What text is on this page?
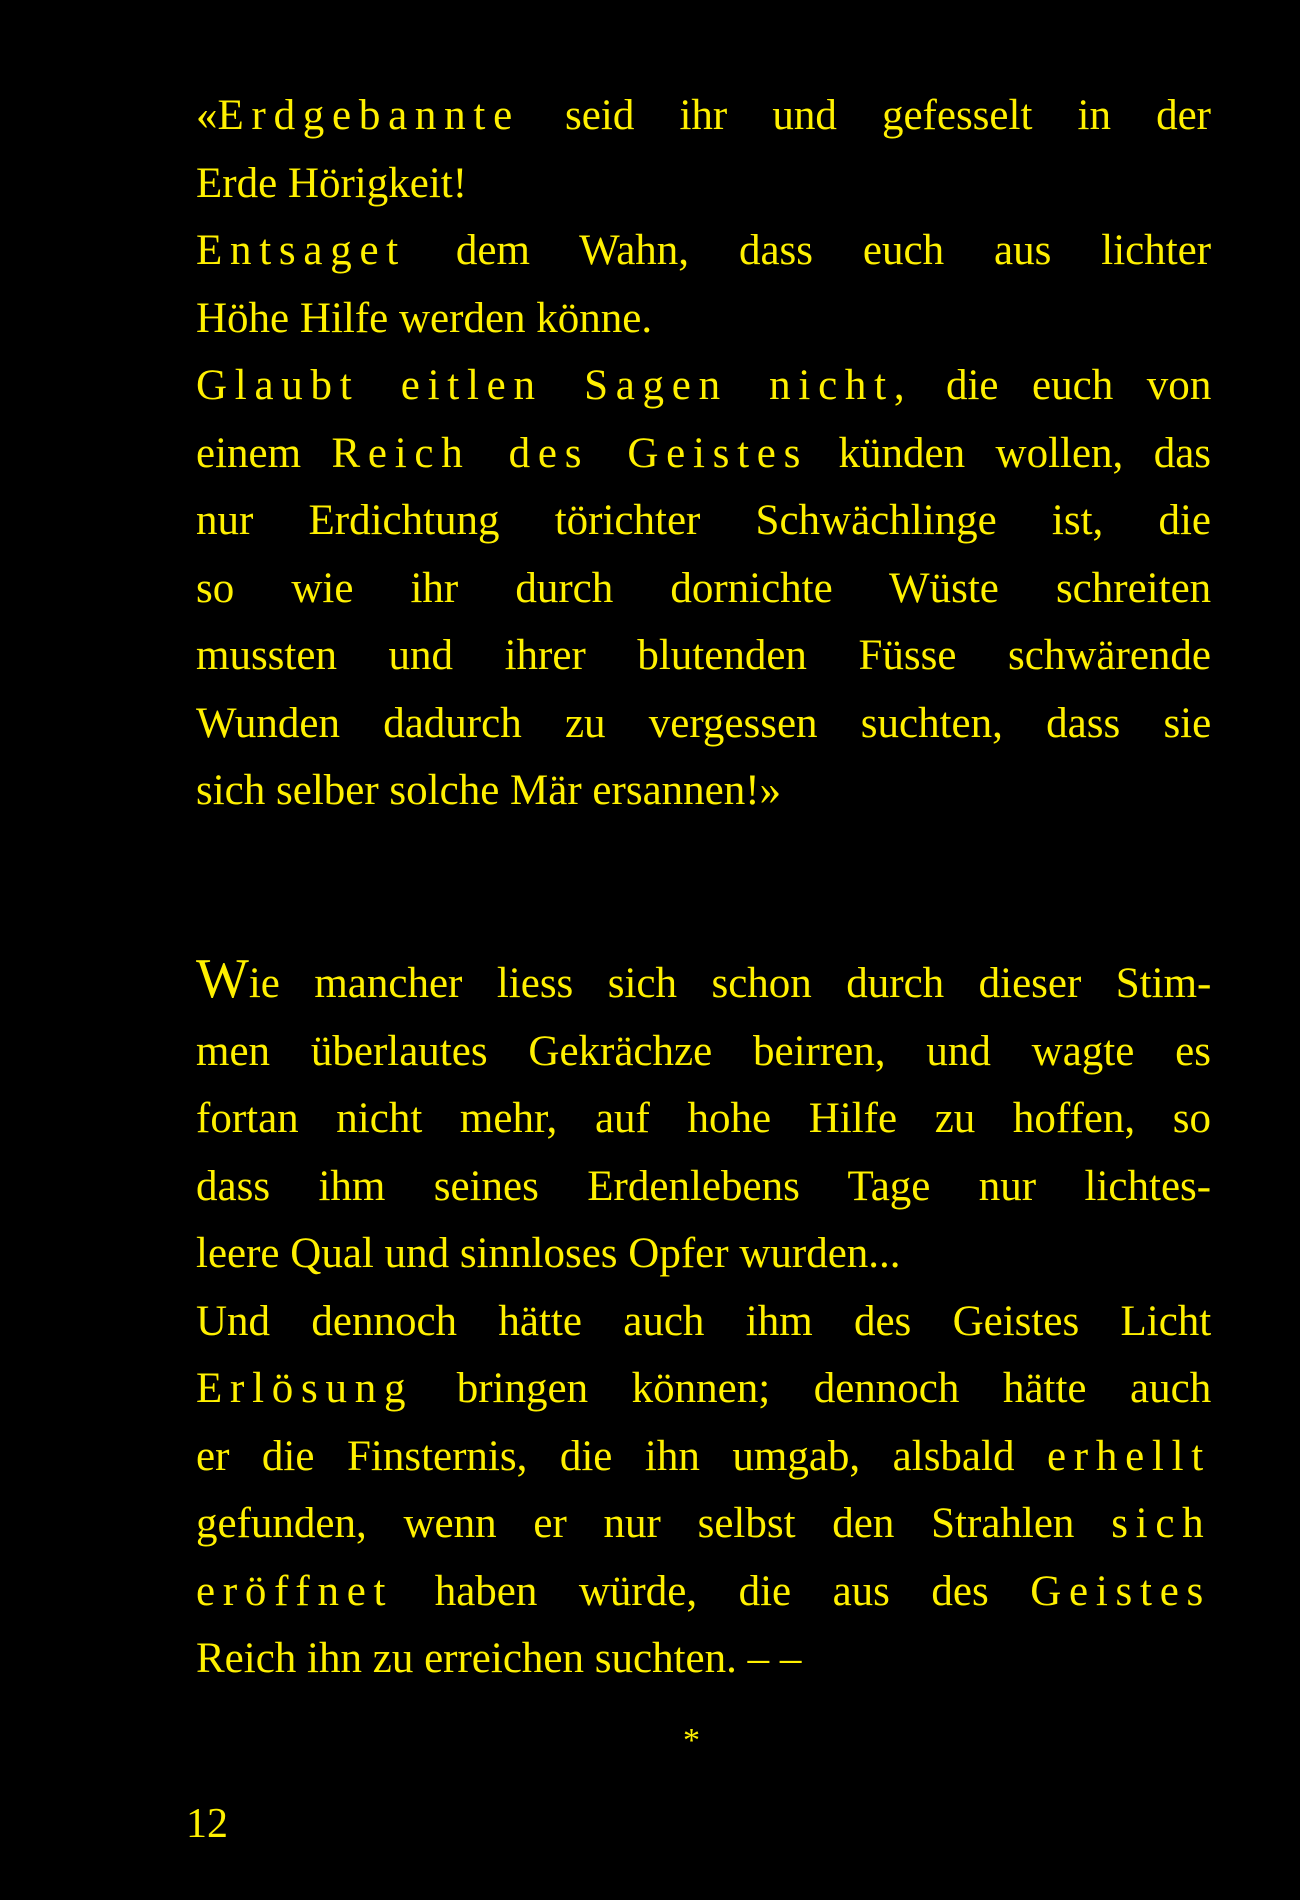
«Erdgebannte seid ihr und gefesselt in der
Erde Hörigkeit!
Entsaget dem Wahn, dass euch aus lichter
Höhe Hilfe werden könne.
Glaubt eitlen Sagen nicht, die euch von
einem Reich des Geistes künden wollen, das
nur Erdichtung törichter Schwächlinge ist, die
so wie ihr durch dornichte Wüste schreiten
mussten und ihrer blutenden Füsse schwärende
Wunden dadurch zu vergessen suchten, dass sie
sich selber solche Mär ersannen!»
Wie mancher liess sich schon durch dieser Stim-
men überlautes Gekrächze beirren, und wagte es
fortan nicht mehr, auf hohe Hilfe zu hoffen, so
dass ihm seines Erdenlebens Tage nur lichtes-
leere Qual und sinnloses Opfer wurden...
Und dennoch hätte auch ihm des Geistes Licht
Erlösung bringen können; dennoch hätte auch
er die Finsternis, die ihn umgab, alsbald erhellt
gefunden, wenn er nur selbst den Strahlen sich
eröffnet haben würde, die aus des Geistes
Reich ihn zu erreichen suchten. – –
*
12
